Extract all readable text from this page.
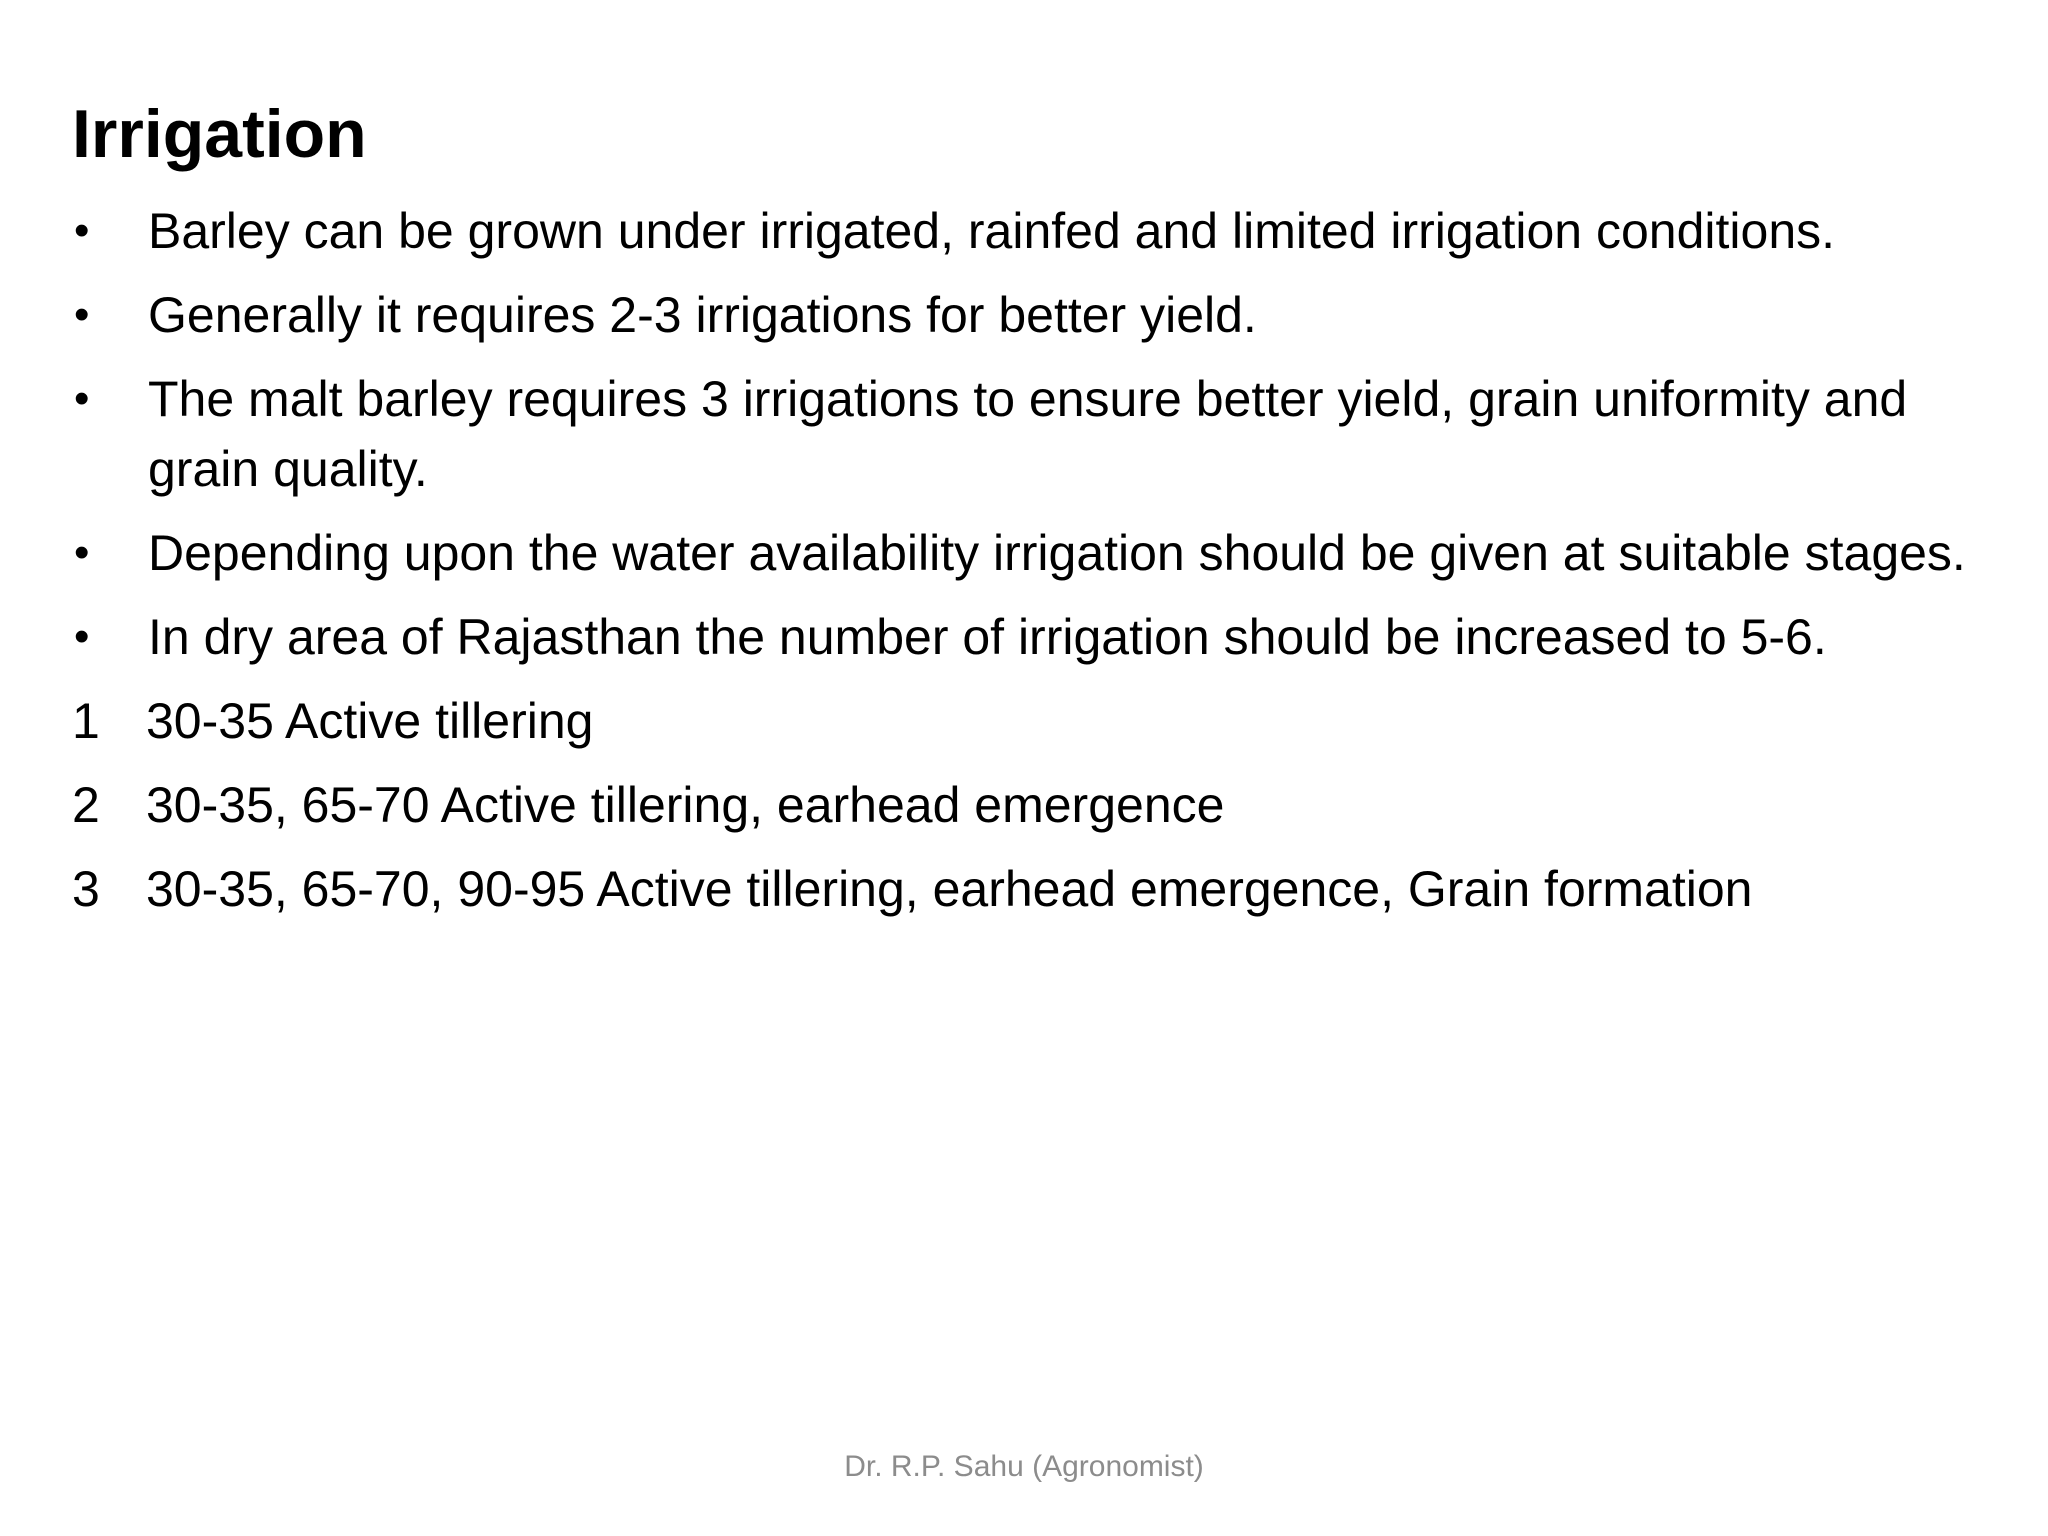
Irrigation
•	Barley can be grown under irrigated, rainfed and limited irrigation conditions.
•	Generally it requires 2-3 irrigations for better yield.
•	The malt barley requires 3 irrigations to ensure better yield, grain uniformity and grain quality.
•	Depending upon the water availability irrigation should be given at suitable stages.
•	In dry area of Rajasthan the number of irrigation should be increased to 5-6.
1 30-35 Active tillering
2 30-35, 65-70 Active tillering, earhead emergence
3 30-35, 65-70, 90-95 Active tillering, earhead emergence, Grain formation
Dr. R.P. Sahu (Agronomist)
